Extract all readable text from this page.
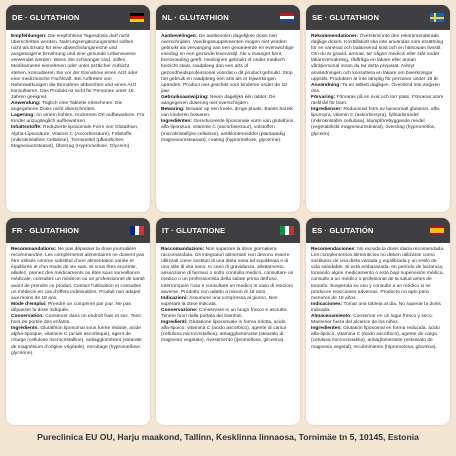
DE · GLUTATHION

Empfehlungen: Die empfohlene Tagesdosis darf nicht überschritten werden. Nahrungsergänzungsmittel sollten nicht als Ersatz für eine abwechslungsreiche und ausgewogene Ernährung und eine gesunde Lebensweise verwendet werden. Wenn Sie schwanger sind, stillen, Medikamente einnehmen oder unter ärztlicher Aufsicht stehen, konsultieren Sie vor der Einnahme einen Arzt oder eine medizinische Fachkraft. Bei Auftreten von Nebenwirkungen die Einnahme abbrechen und einen Arzt konsultieren. Das Produkt ist nicht für Personen unter 18 Jahren geeignet.

Anwendung: Täglich eine Tablette einnehmen. Die angegebene Dosis nicht überschreiten.

Lagerung: An einem kühlen, trockenen Ort aufbewahren. Für Kinder unzugänglich aufbewahren.

Inhaltsstoffe: Reduzierte liposomale Form von Glutathion, Alpha-Liponsäure, Vitamin C (Ascorbinsäure), Füllstoffe (mikrokristalline Cellulose), Trennmittel (pflanzliches Magnesiumstearat), Überzug (Hypromellose, Glycerin).

NL · GLUTATHION

Aanbevelingen: De aanbevolen dagelijkse dosis niet overschrijden. Voedingssupplementen mogen niet worden gebruikt als vervanging van een gevarieerde en evenwichtige voeding en een gezonde levensstijl. Als u zwanger bent, borstvoeding geeft, medicijnen gebruikt of onder medisch toezicht staat, raadpleeg dan een arts of gezondheidsprofessional voordat u dit product gebruikt. Stop het gebruik en raadpleeg een arts als er bijwerkingen optreden. Product niet geschikt voor kinderen onder de 18 jaar.

Gebruiksaanwijzing: Neem dagelijks één tablet. De aangegeven dosering niet overschrijden.

Bewaring: Bewaar op een koele, droge plaats. Buiten bereik van kinderen bewaren.

Ingrediënten: Gereduceerde liposomale vorm van glutathion, alfa-liponzuur, vitamine C (ascorbinezuur), vulstoffen (microkristallijne cellulose), antiklontermiddel (plantaardig magnesiumstearaat), coating (hypromellose, glycerine).

SE · GLUTATHION

Rekommendationer: Överskrid inte den rekommenderade dagliga dosen. Kosttillskott ska inte användas som ersättning för en varierad och balanserad kost och en hälsosam livsstil. Om du är gravid, ammar, tar någon medicin eller står under läkarövervakning, rådfråga en läkare eller annan vårdpersonal innan du tar detta preparat. Avbryt användningen och konsultera en läkare om biverkningar uppstår. Produkten är inte lämplig för personer under 18 år.

Användning: Ta en tablett dagligen. Överskrid inte angiven dos.

Förvaring: Förvaras på en sval och torr plats. Förvaras utom räckhåll för barn.

Ingredienser: Reducerad form av liposomalt glutation, alfa-liponsyra, vitamin C (askorbinsyra), fyllnadsmedel (mikrokristallin cellulosa), klumpförebyggande medel (vegetabiliskt magnesiumstearat), överdrag (hypromellos, glycerin).

FR · GLUTATHION

Recommandations: Ne pas dépasser la dose journalière recommandée. Les compléments alimentaires ne doivent pas être utilisés comme substitut d'une alimentation variée et équilibrée et d'un mode de vie sain. Si vous êtes enceinte, allaitez, prenez des médicaments ou êtes sous surveillance médicale, consultez un médecin ou un professionnel de santé avant de prendre ce produit. Cessez l'utilisation et consultez un médecin en cas d'effets indésirables. Produit non adapté aux moins de 18 ans.

Mode d'emploi: Prendre un comprimé par jour. Ne pas dépasser la dose indiquée.

Conservation: Conserver dans un endroit frais et sec. Tenir hors de portée des enfants.

Ingrédients: Glutathion liposomal sous forme réduite, acide alpha-lipoïque, vitamine C (acide ascorbique), agent de charge (cellulose microcristalline), antiagglomérant (stéarate de magnésium d'origine végétale), enrobage (hypromellose, glycérine).

IT · GLUTATIONE

Raccomandazioni: Non superare la dose giornaliera raccomandata. Gli integratori alimentari non devono essere utilizzati come sostituti di una dieta varia ed equilibrata e di uno stile di vita sano. In caso di gravidanza, allattamento, assunzione di farmaci o sotto controllo medico, consultare un medico o un professionista della salute prima dell'uso. Interrompere l'uso e consultare un medico in caso di reazioni avverse. Prodotto non adatto a minori di 18 anni.

Indicazioni: Assumere una compressa al giorno. Non superare la dose indicata.

Conservazione: Conservare in un luogo fresco e asciutto. Tenere fuori dalla portata dei bambini.

Ingredienti: Glutatione liposomiale in forma ridotta, acido alfa-lipoico, vitamina C (acido ascorbico), agente di carica (cellulosa microcristallina), antiagglomerante (stearato di magnesio vegetale), rivestimento (ipromellosa, glicerina).

ES · GLUTATIÓN

Recomendaciones: No exceda la dosis diaria recomendada. Los complementos alimenticios no deben utilizarse como sustitutos de una dieta variada y equilibrada y un estilo de vida saludable. Si está embarazada, en período de lactancia, tomando algún medicamento o está bajo supervisión médica, consulte a un médico o profesional de la salud antes de tomarlo. Suspenda su uso y consulte a un médico si se producen reacciones adversas. Producto no apto para menores de 18 años.

Indicaciones: Tomar una tableta al día. No superar la dosis indicada.

Almacenamiento: Conservar en un lugar fresco y seco. Mantener fuera del alcance de los niños.

Ingredientes: Glutatión liposomal en forma reducida, ácido alfa-lipoico, vitamina C (ácido ascórbico), agente de carga (celulosa microcristalina), antiaglomerante (estearato de magnesio vegetal), recubrimiento (hipromelosa, glicerina).

Pureclinica EU OU, Harju maakond, Tallinn, Kesklinna linnaosa, Tornimäe tn 5, 10145, Estonia
